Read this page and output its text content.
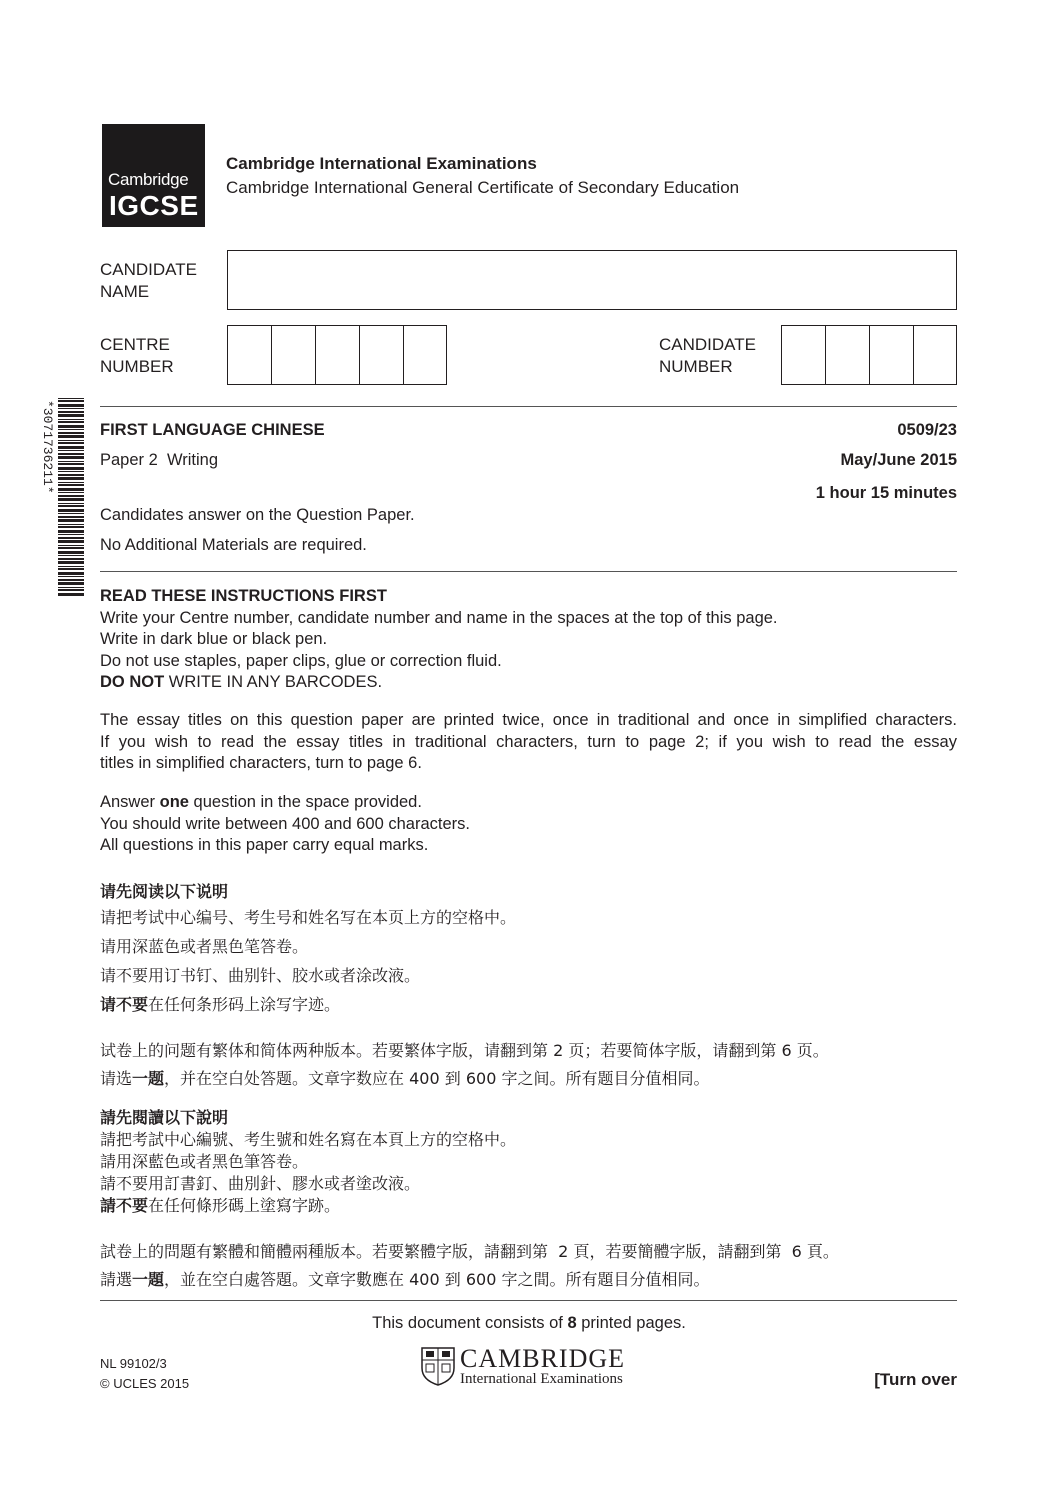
Cambridge
IGCSE
Cambridge International Examinations
Cambridge International General Certificate of Secondary Education
CANDIDATE
NAME
CENTRE
NUMBER
CANDIDATE
NUMBER
*3071736211*	FIRST LANGUAGE CHINESE	0509/23
Paper 2  Writing	May/June 2015
1 hour 15 minutes
Candidates answer on the Question Paper.
No Additional Materials are required.
READ THESE INSTRUCTIONS FIRST
Write your Centre number, candidate number and name in the spaces at the top of this page.
Write in dark blue or black pen.
Do not use staples, paper clips, glue or correction fluid.
DO NOT WRITE IN ANY BARCODES.
The essay titles on this question paper are printed twice, once in traditional and once in simplified characters.
If you wish to read the essay titles in traditional characters, turn to page 2; if you wish to read the essay
titles in simplified characters, turn to page 6.
Answer one question in the space provided.
You should write between 400 and 600 characters.
All questions in this paper carry equal marks.
请先阅读以下说明
请把考试中心编号、考生号和姓名写在本页上方的空格中。
请用深蓝色或者黑色笔答卷。
请不要用订书钉、曲别针、胶水或者涂改液。
请不要在任何条形码上涂写字迹。
试卷上的问题有繁体和简体两种版本。若要繁体字版，请翻到第 2 页；若要简体字版，请翻到第 6 页。
请选一题，并在空白处答题。文章字数应在 400 到 600 字之间。所有题目分值相同。
請先閱讀以下說明
請把考試中心編號、考生號和姓名寫在本頁上方的空格中。
請用深藍色或者黑色筆答卷。
請不要用訂書釘、曲別針、膠水或者塗改液。
請不要在任何條形碼上塗寫字跡。
試卷上的問題有繁體和簡體兩種版本。若要繁體字版，請翻到第  2 頁，若要簡體字版，請翻到第  6 頁。
請選一題，並在空白處答題。文章字數應在 400 到 600 字之間。所有題目分值相同。
This document consists of 8 printed pages.
NL 99102/3
© UCLES 2015
CAMBRIDGE
International Examinations	[Turn over
